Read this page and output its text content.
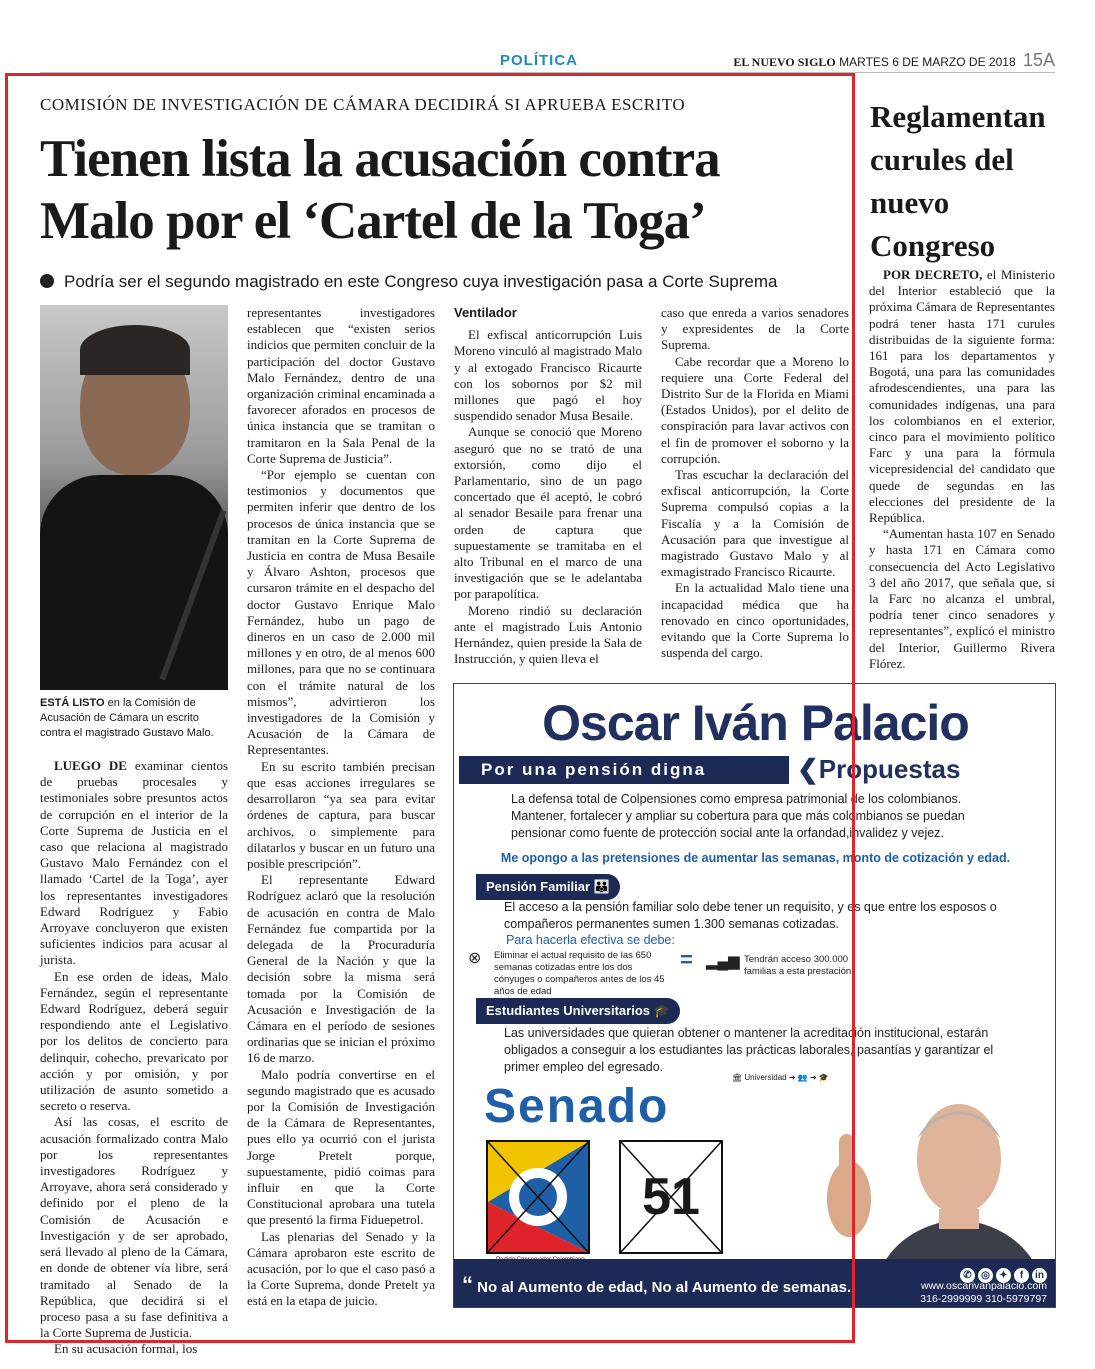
POLÍTICA	EL NUEVO SIGLO MARTES 6 DE MARZO DE 2018 15A
COMISIÓN DE INVESTIGACIÓN DE CÁMARA DECIDIRÁ SI APRUEBA ESCRITO
Tienen lista la acusación contra Malo por el ‘Cartel de la Toga’
Podría ser el segundo magistrado en este Congreso cuya investigación pasa a Corte Suprema
ESTÁ LISTO en la Comisión de Acusación de Cámara un escrito contra el magistrado Gustavo Malo.

LUEGO DE examinar cientos de pruebas procesales y testimoniales sobre presuntos actos de corrupción en el interior de la Corte Suprema de Justicia en el caso que relaciona al magistrado Gustavo Malo Fernández con el llamado ‘Cartel de la Toga’, ayer los representantes investigadores Edward Rodríguez y Fabio Arroyave concluyeron que existen suficientes indicios para acusar al jurista.

En ese orden de ideas, Malo Fernández, según el representante Edward Rodríguez, deberá seguir respondiendo ante el Legislativo por los delitos de concierto para delinquir, cohecho, prevaricato por acción y por omisión, y por utilización de asunto sometido a secreto o reserva.

Así las cosas, el escrito de acusación formalizado contra Malo por los representantes investigadores Rodríguez y Arroyave, ahora será considerado y definido por el pleno de la Comisión de Acusación e Investigación y de ser aprobado, será llevado al pleno de la Cámara, en donde de obtener vía libre, será tramitado al Senado de la República, que decidirá si el proceso pasa a su fase definitiva a la Corte Suprema de Justicia.

En su acusación formal, los

representantes investigadores establecen que “existen serios indicios que permiten concluir de la participación del doctor Gustavo Malo Fernández, dentro de una organización criminal encaminada a favorecer aforados en procesos de única instancia que se tramitan o tramitaron en la Sala Penal de la Corte Suprema de Justicia”.

“Por ejemplo se cuentan con testimonios y documentos que permiten inferir que dentro de los procesos de única instancia que se tramitan en la Corte Suprema de Justicia en contra de Musa Besaile y Álvaro Ashton, procesos que cursaron trámite en el despacho del doctor Gustavo Enrique Malo Fernández, hubo un pago de dineros en un caso de 2.000 mil millones y en otro, de al menos 600 millones, para que no se continuara con el trámite natural de los mismos”, advirtieron los investigadores de la Comisión y Acusación de la Cámara de Representantes.

En su escrito también precisan que esas acciones irregulares se desarrollaron “ya sea para evitar órdenes de captura, para buscar archivos, o simplemente para dilatarlos y buscar en un futuro una posible prescripción”.

El representante Edward Rodríguez aclaró que la resolución de acusación en contra de Malo Fernández fue compartida por la delegada de la Procuraduría General de la Nación y que la decisión sobre la misma será tomada por la Comisión de Acusación e Investigación de la Cámara en el período de sesiones ordinarias que se inician el próximo 16 de marzo.

Malo podría convertirse en el segundo magistrado que es acusado por la Comisión de Investigación de la Cámara de Representantes, pues ello ya ocurrió con el jurista Jorge Pretelt porque, supuestamente, pidió coimas para influir en que la Corte Constitucional aprobara una tutela que presentó la firma Fiduepetrol.

Las plenarias del Senado y la Cámara aprobaron este escrito de acusación, por lo que el caso pasó a la Corte Suprema, donde Pretelt ya está en la etapa de juicio.

Ventilador

El exfiscal anticorrupción Luis Moreno vinculó al magistrado Malo y al extogado Francisco Ricaurte con los sobornos por $2 mil millones que pagó el hoy suspendido senador Musa Besaile.

Aunque se conoció que Moreno aseguró que no se trató de una extorsión, como dijo el Parlamentario, sino de un pago concertado que él aceptó, le cobró al senador Besaile para frenar una orden de captura que supuestamente se tramitaba en el alto Tribunal en el marco de una investigación que se le adelantaba por parapolítica.

Moreno rindió su declaración ante el magistrado Luis Antonio Hernández, quien preside la Sala de Instrucción, y quien lleva el

caso que enreda a varios senadores y expresidentes de la Corte Suprema.

Cabe recordar que a Moreno lo requiere una Corte Federal del Distrito Sur de la Florida en Miami (Estados Unidos), por el delito de conspiración para lavar activos con el fin de promover el soborno y la corrupción.

Tras escuchar la declaración del exfiscal anticorrupción, la Corte Suprema compulsó copias a la Fiscalía y a la Comisión de Acusación para que investigue al magistrado Gustavo Malo y al exmagistrado Francisco Ricaurte.

En la actualidad Malo tiene una incapacidad médica que ha renovado en cinco oportunidades, evitando que la Corte Suprema lo suspenda del cargo.

Reglamentan curules del nuevo Congreso

POR DECRETO, el Ministerio del Interior estableció que la próxima Cámara de Representantes podrá tener hasta 171 curules distribuidas de la siguiente forma: 161 para los departamentos y Bogotá, una para las comunidades afrodescendientes, una para las comunidades indígenas, una para los colombianos en el exterior, cinco para el movimiento político Farc y una para la fórmula vicepresidencial del candidato que quede de segundas en las elecciones del presidente de la República.

“Aumentan hasta 107 en Senado y hasta 171 en Cámara como consecuencia del Acto Legislativo 3 del año 2017, que señala que, si la Farc no alcanza el umbral, podría tener cinco senadores y representantes”, explicó el ministro del Interior, Guillermo Rivera Flórez.

Oscar Iván Palacio
Por una pensión digna	❮Propuestas
La defensa total de Colpensiones como empresa patrimonial de los colombianos. Mantener, fortalecer y ampliar su cobertura para que más colombianos se puedan pensionar como fuente de protección social ante la orfandad,invalidez y vejez.
Me opongo a las pretensiones de aumentar las semanas, monto de cotización y edad.
Pensión Familiar 👪
El acceso a la pensión familiar solo debe tener un requisito, y es que entre los esposos o compañeros permanentes sumen 1.300 semanas cotizadas.
Para hacerla efectiva se debe:
⊗ Eliminar el actual requisito de las 650 semanas cotizadas entre los dos cónyuges o compañeros antes de los 45 años de edad
= ▂▄▆ Tendrán acceso 300.000 familias a esta prestación
Estudiantes Universitarios 🎓
Las universidades que quieran obtener o mantener la acreditación institucional, estarán obligados a conseguir a los estudiantes las prácticas laborales, pasantías y garantizar el primer empleo del egresado.
🏛 Universidad ➜ 👥 ➜ 🎓
Senado
51
“ No al Aumento de edad, No al Aumento de semanas.
✆ ◎ ✦ f in
www.oscarivanpalacio.com
316-2999999 310-5979797
